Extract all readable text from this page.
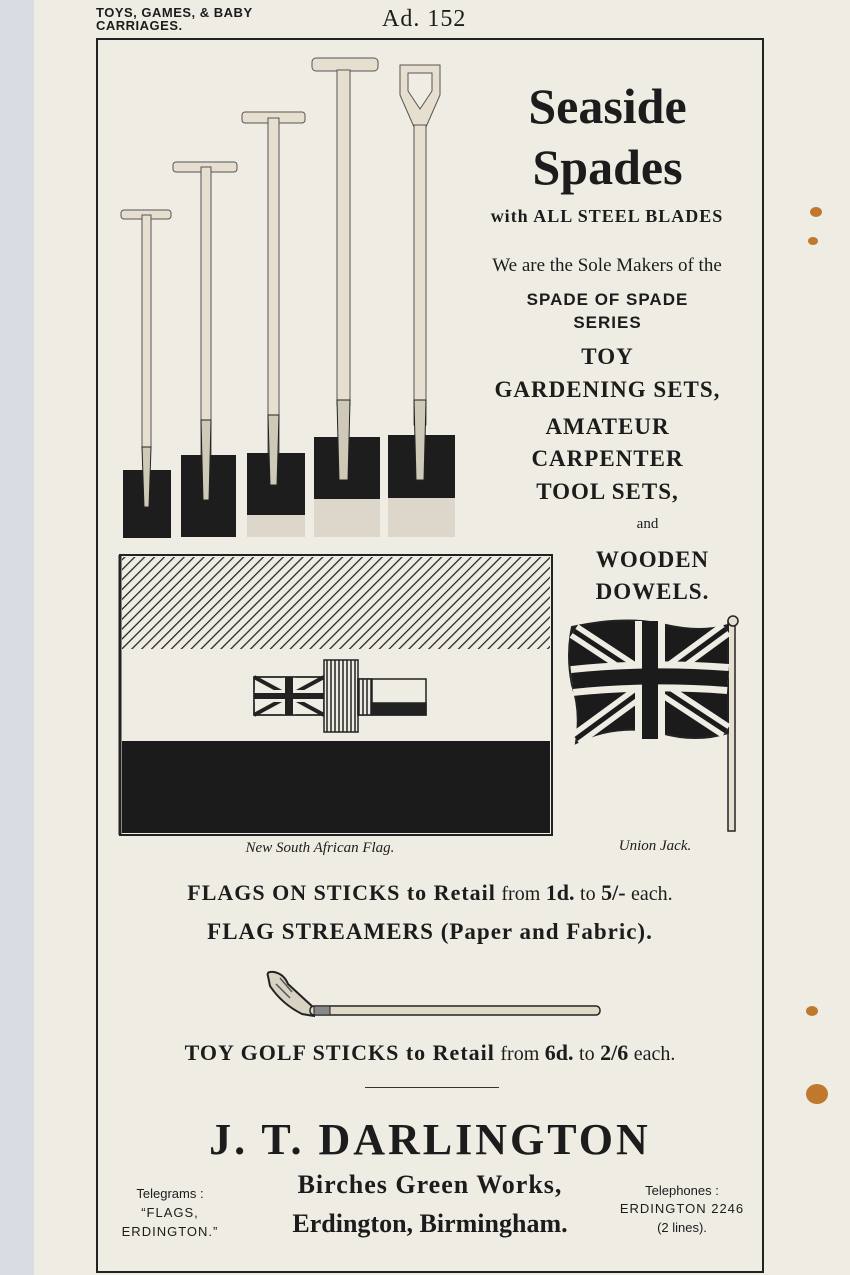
TOYS, GAMES, & BABY CARRIAGES.	Ad. 152
Seaside
Spades
with ALL STEEL BLADES
We are the Sole Makers of the
SPADE OF SPADE
SERIES
TOY
GARDENING SETS,
AMATEUR
CARPENTER
TOOL SETS,
and
WOODEN
DOWELS.
New South African Flag.	Union Jack.
FLAGS ON STICKS to Retail from 1d. to 5/- each.
FLAG STREAMERS (Paper and Fabric).
TOY GOLF STICKS to Retail from 6d. to 2/6 each.
J. T. DARLINGTON
Birches Green Works,
Erdington, Birmingham.
Telegrams :
“FLAGS,
ERDINGTON.”
Telephones :
ERDINGTON 2246
(2 lines).
